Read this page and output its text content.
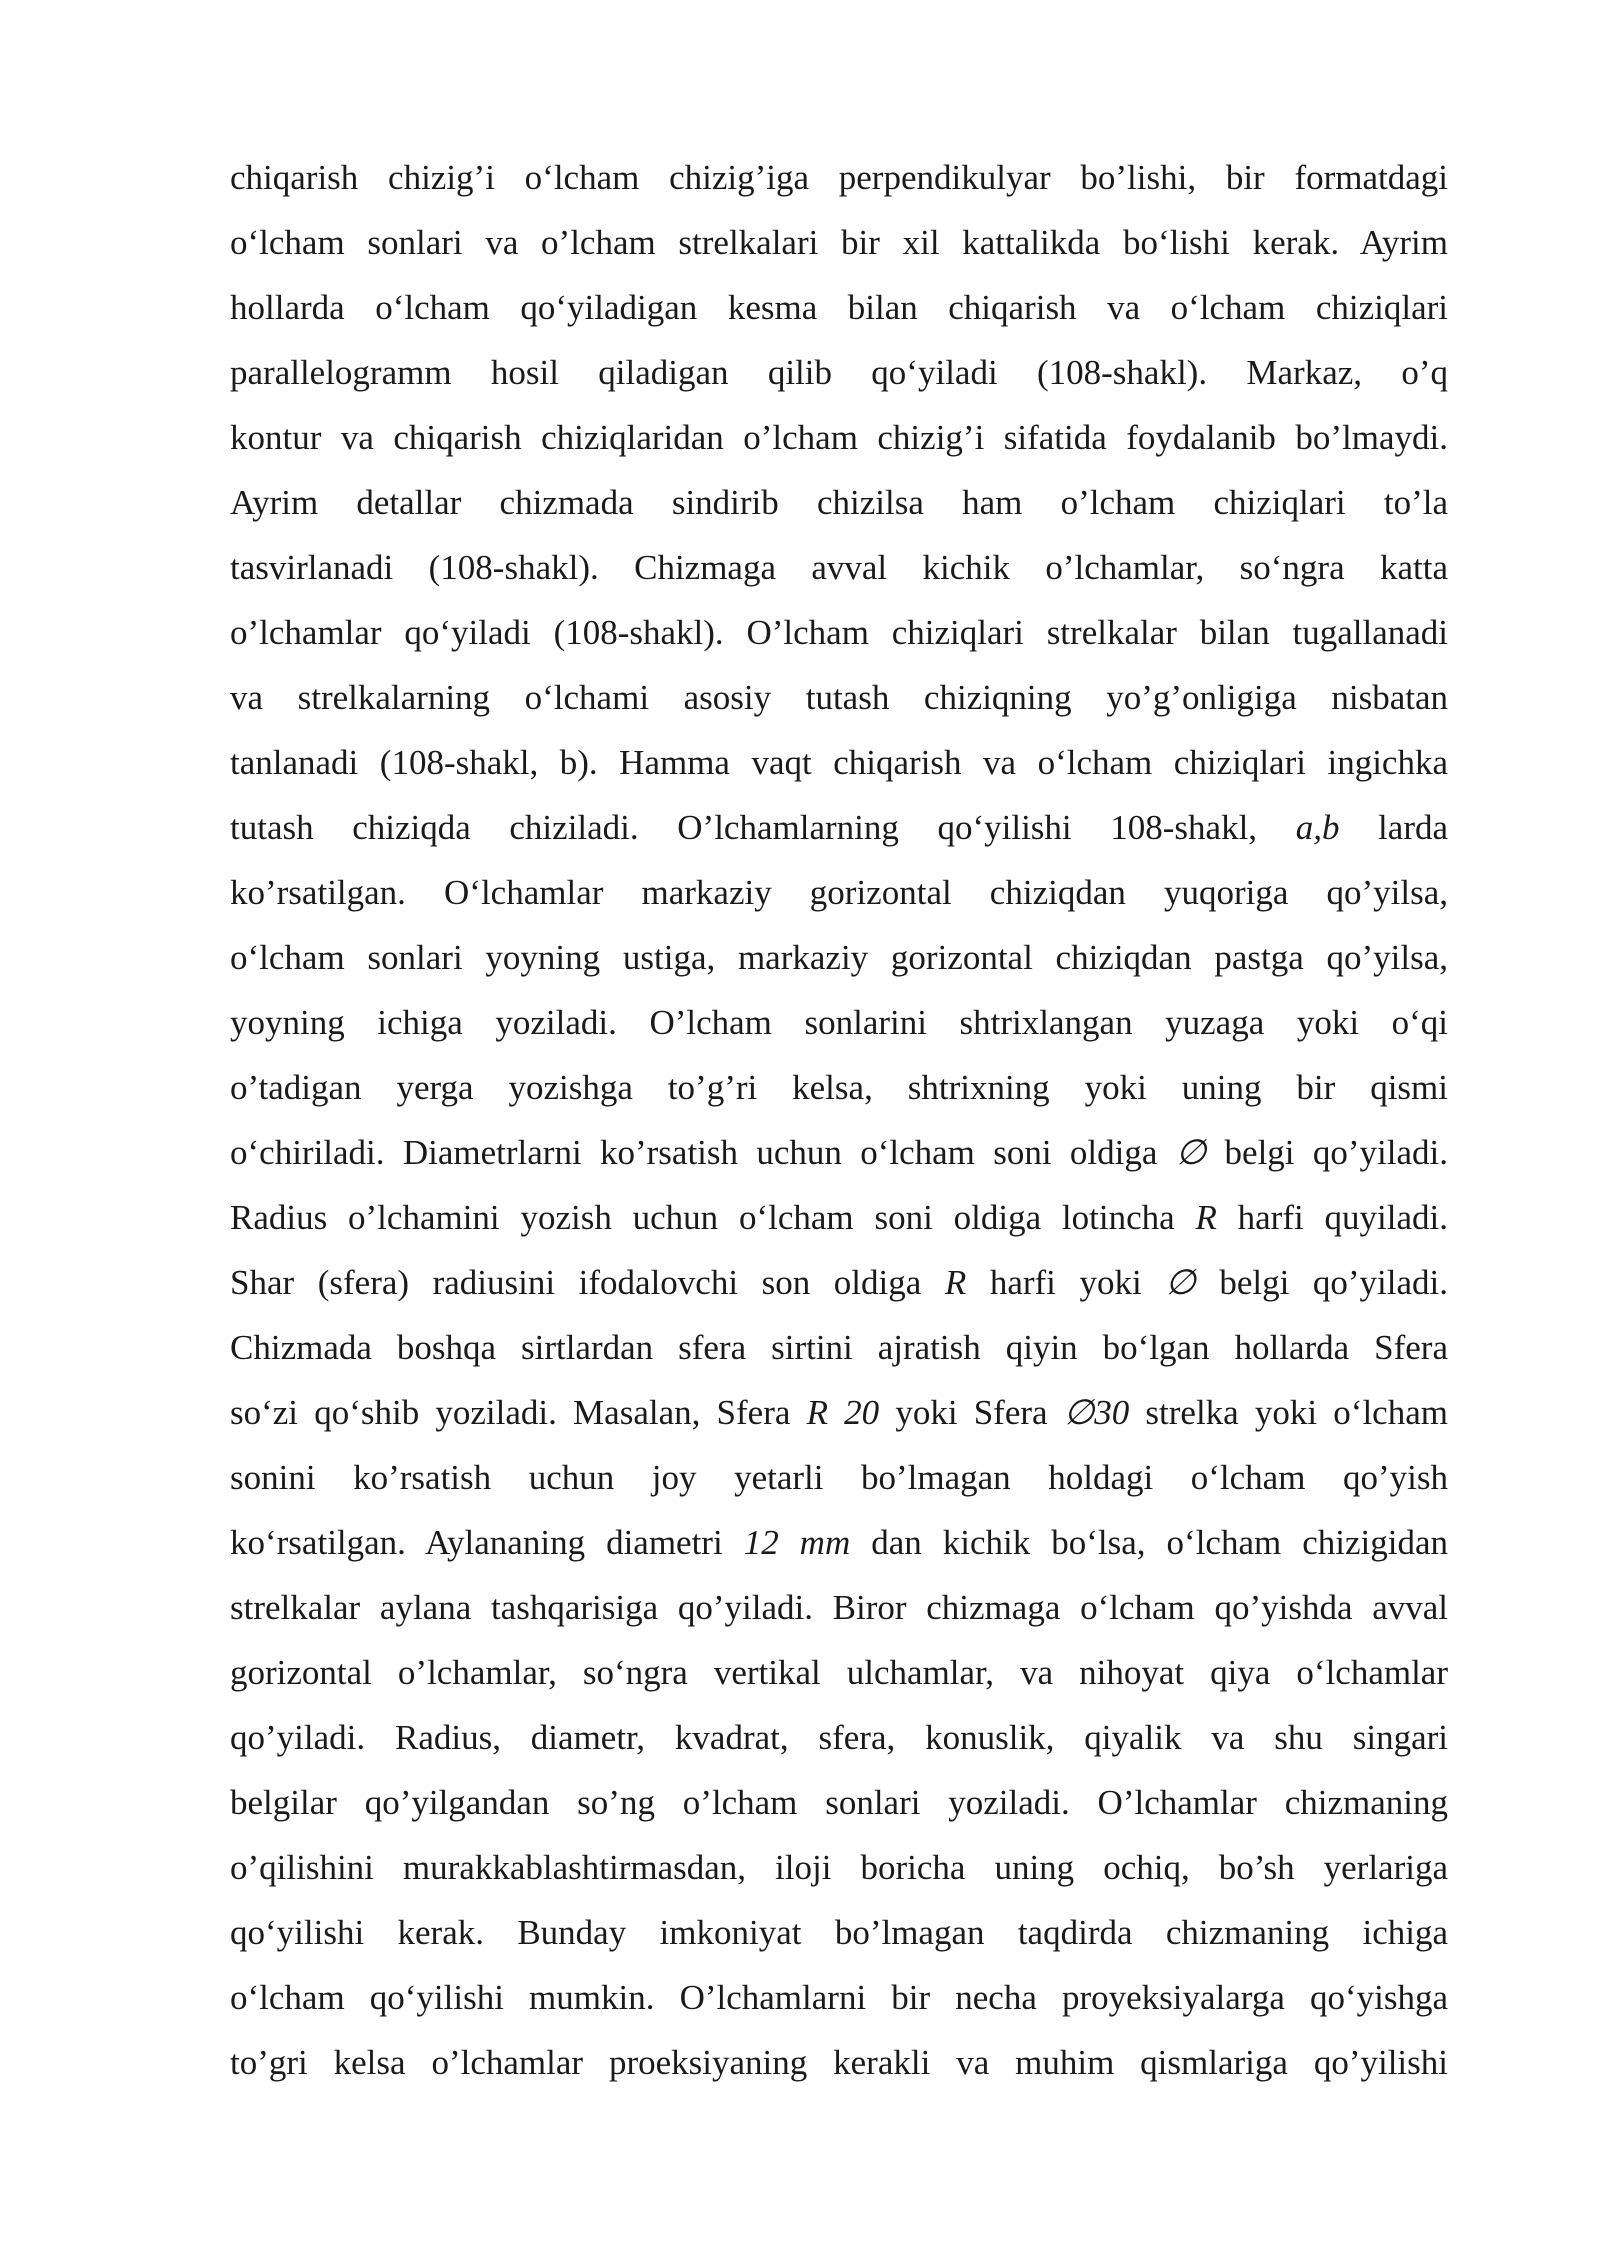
chiqarish chizig’i o‘lcham chizig’iga perpendikulyar bo’lishi, bir formatdagi
o‘lcham sonlari va o’lcham strelkalari bir xil kattalikda bo‘lishi kerak. Ayrim
hollarda o‘lcham qo‘yiladigan kesma bilan chiqarish va o‘lcham chiziqlari
parallelogramm hosil qiladigan qilib qo‘yiladi (108-shakl). Markaz, o’q
kontur va chiqarish chiziqlaridan o’lcham chizig’i sifatida foydalanib bo’lmaydi.
Ayrim detallar chizmada sindirib chizilsa ham o’lcham chiziqlari to’la
tasvirlanadi (108-shakl). Chizmaga avval kichik o’lchamlar, so‘ngra katta
o’lchamlar qo‘yiladi (108-shakl). O’lcham chiziqlari strelkalar bilan tugallanadi
va strelkalarning o‘lchami asosiy tutash chiziqning yo’g’onligiga nisbatan
tanlanadi (108-shakl, b). Hamma vaqt chiqarish va o‘lcham chiziqlari ingichka
tutash chiziqda chiziladi. O’lchamlarning qo‘yilishi 108-shakl, a,b larda
ko’rsatilgan. O‘lchamlar markaziy gorizontal chiziqdan yuqoriga qo’yilsa,
o‘lcham sonlari yoyning ustiga, markaziy gorizontal chiziqdan pastga qo’yilsa,
yoyning ichiga yoziladi. O’lcham sonlarini shtrixlangan yuzaga yoki o‘qi
o’tadigan yerga yozishga to’g’ri kelsa, shtrixning yoki uning bir qismi
o‘chiriladi. Diametrlarni ko’rsatish uchun o‘lcham soni oldiga ∅ belgi qo’yiladi.
Radius o’lchamini yozish uchun o‘lcham soni oldiga lotincha R harfi quyiladi.
Shar (sfera) radiusini ifodalovchi son oldiga R harfi yoki ∅ belgi qo’yiladi.
Chizmada boshqa sirtlardan sfera sirtini ajratish qiyin bo‘lgan hollarda Sfera
so‘zi qo‘shib yoziladi. Masalan, Sfera R 20 yoki Sfera ∅30 strelka yoki o‘lcham
sonini ko’rsatish uchun joy yetarli bo’lmagan holdagi o‘lcham qo’yish
ko‘rsatilgan. Aylananing diametri 12 mm dan kichik bo‘lsa, o‘lcham chizigidan
strelkalar aylana tashqarisiga qo’yiladi. Biror chizmaga o‘lcham qo’yishda avval
gorizontal o’lchamlar, so‘ngra vertikal ulchamlar, va nihoyat qiya o‘lchamlar
qo’yiladi. Radius, diametr, kvadrat, sfera, konuslik, qiyalik va shu singari
belgilar qo’yilgandan so’ng o’lcham sonlari yoziladi. O’lchamlar chizmaning
o’qilishini murakkablashtirmasdan, iloji boricha uning ochiq, bo’sh yerlariga
qo‘yilishi kerak. Bunday imkoniyat bo’lmagan taqdirda chizmaning ichiga
o‘lcham qo‘yilishi mumkin. O’lchamlarni bir necha proyeksiyalarga qo‘yishga
to’gri kelsa o’lchamlar proeksiyaning kerakli va muhim qismlariga qo’yilishi
